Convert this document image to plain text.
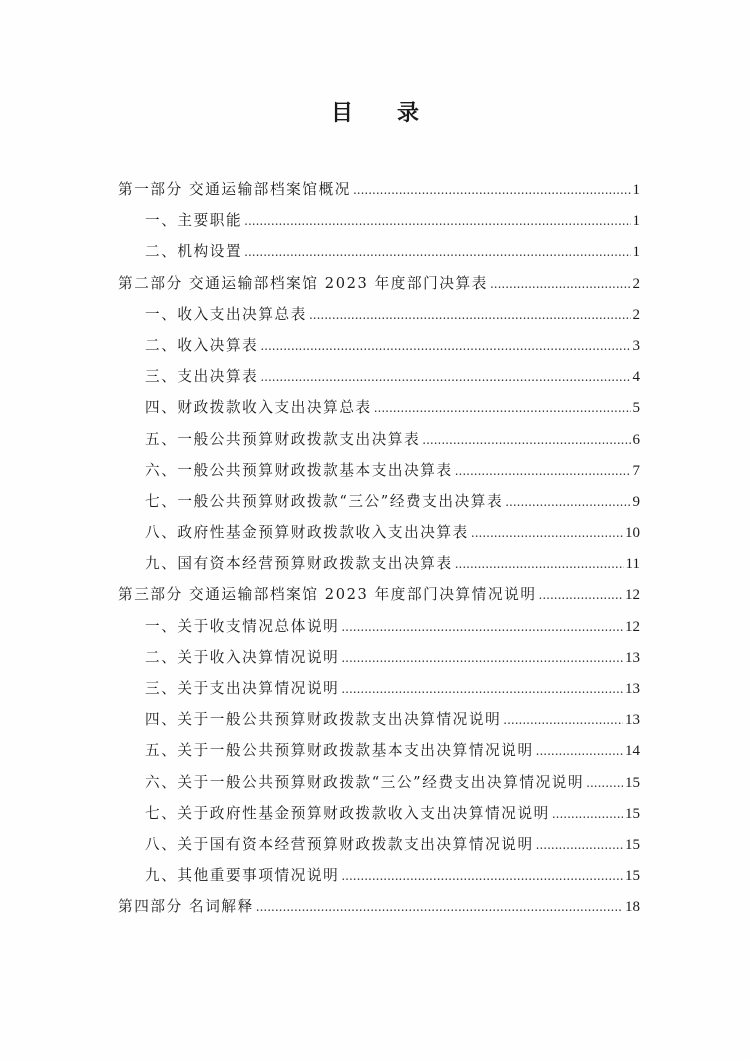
目 录
第一部分 交通运输部档案馆概况 .....	1
一、主要职能 .....	1
二、机构设置 .....	1
第二部分 交通运输部档案馆 2023 年度部门决算表 .....	2
一、收入支出决算总表 .....	2
二、收入决算表 .....	3
三、支出决算表 .....	4
四、财政拨款收入支出决算总表 .....	5
五、一般公共预算财政拨款支出决算表 .....	6
六、一般公共预算财政拨款基本支出决算表 .....	7
七、一般公共预算财政拨款“三公”经费支出决算表 .....	9
八、政府性基金预算财政拨款收入支出决算表 .....	10
九、国有资本经营预算财政拨款支出决算表 .....	11
第三部分 交通运输部档案馆 2023 年度部门决算情况说明 .....	12
一、关于收支情况总体说明 .....	12
二、关于收入决算情况说明 .....	13
三、关于支出决算情况说明 .....	13
四、关于一般公共预算财政拨款支出决算情况说明 .....	13
五、关于一般公共预算财政拨款基本支出决算情况说明 .....	14
六、关于一般公共预算财政拨款“三公”经费支出决算情况说明 .....	15
七、关于政府性基金预算财政拨款收入支出决算情况说明 .....	15
八、关于国有资本经营预算财政拨款支出决算情况说明 .....	15
九、其他重要事项情况说明 .....	15
第四部分 名词解释 .....	18
